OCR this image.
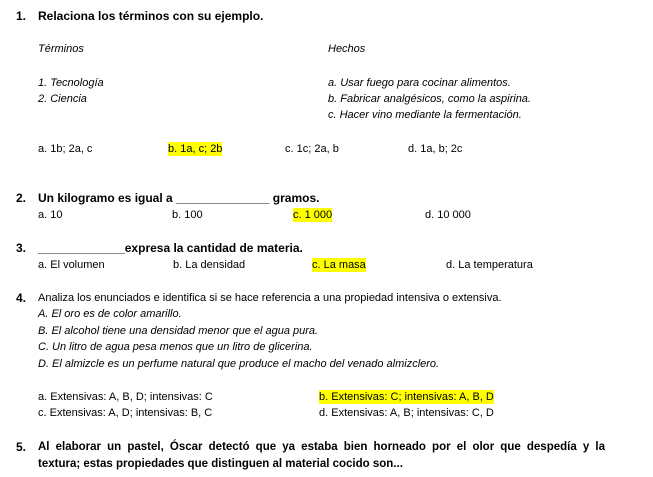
1. Relaciona los términos con su ejemplo.
Términos	Hechos
1. Tecnología
2. Ciencia
a. Usar fuego para cocinar alimentos.
b. Fabricar analgésicos, como la aspirina.
c. Hacer vino mediante la fermentación.
a. 1b; 2a, c	b. 1a, c; 2b	c. 1c; 2a, b	d. 1a, b; 2c
2. Un kilogramo es igual a ______________ gramos.
a. 10	b. 100	c. 1 000	d. 10 000
3. _____________expresa la cantidad de materia.
a. El volumen	b. La densidad	c. La masa	d. La temperatura
4. Analiza los enunciados e identifica si se hace referencia a una propiedad intensiva o extensiva.
A. El oro es de color amarillo.
B. El alcohol tiene una densidad menor que el agua pura.
C. Un litro de agua pesa menos que un litro de glicerina.
D. El almizcle es un perfume natural que produce el macho del venado almizclero.
a. Extensivas: A, B, D; intensivas: C	b. Extensivas: C; intensivas: A, B, D
c. Extensivas: A, D; intensivas: B, C	d. Extensivas: A, B; intensivas: C, D
5. Al elaborar un pastel, Óscar detectó que ya estaba bien horneado por el olor que despedía y la
textura; estas propiedades que distinguen al material cocido son...
